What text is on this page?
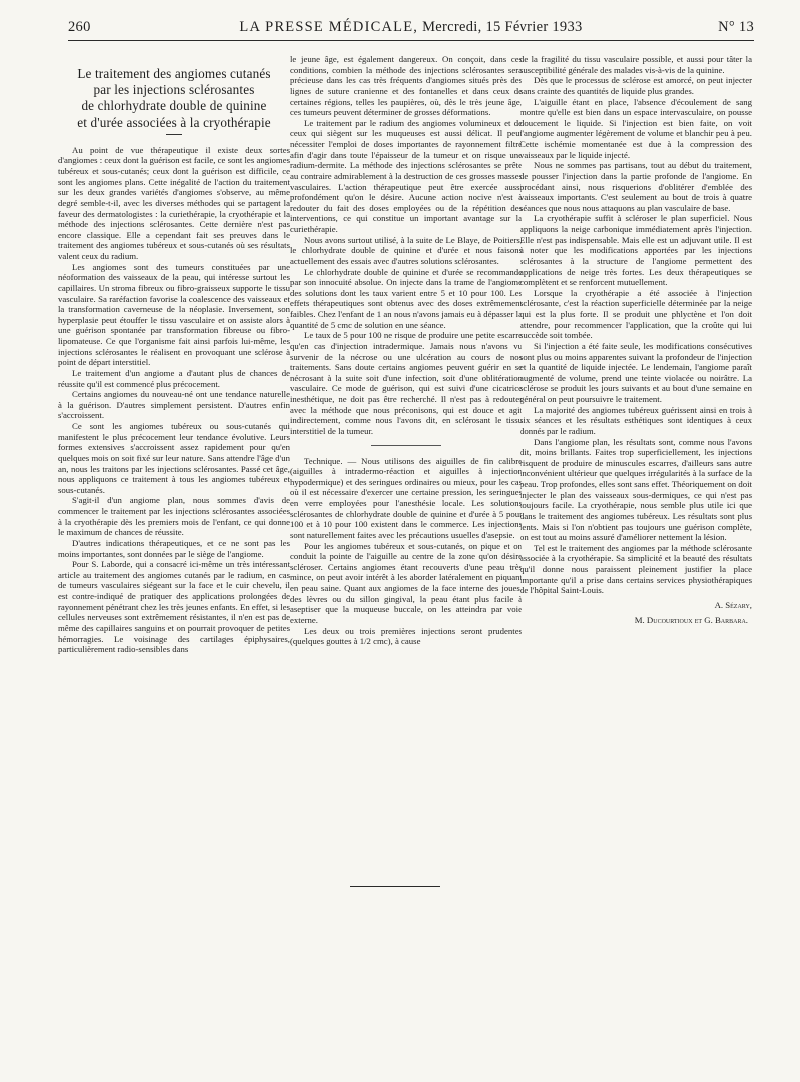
260	LA PRESSE MÉDICALE, Mercredi, 15 Février 1933	N° 13
Le traitement des angiomes cutanés
par les injections sclérosantes
de chlorhydrate double de quinine
et d'urée associées à la cryothérapie

Au point de vue thérapeutique il existe deux sortes d'angiomes : ceux dont la guérison est facile, ce sont les angiomes tubéreux et sous-cutanés; ceux dont la guérison est difficile, ce sont les angiomes plans. Cette inégalité de l'action du traitement sur les deux grandes variétés d'angiomes s'observe, au même degré semble-t-il, avec les diverses méthodes qui se partagent la faveur des dermatologistes : la curiethérapie, la cryothérapie et la méthode des injections sclérosantes. Cette dernière n'est pas encore classique. Elle a cependant fait ses preuves dans le traitement des angiomes tubéreux et sous-cutanés où ses résultats valent ceux du radium.

Les angiomes sont des tumeurs constituées par une néoformation des vaisseaux de la peau, qui intéresse surtout les capillaires. Un stroma fibreux ou fibro-graisseux supporte le tissu vasculaire. Sa raréfaction favorise la coalescence des vaisseaux et la transformation caverneuse de la néoplasie. Inversement, son hyperplasie peut étouffer le tissu vasculaire et on assiste alors à une guérison spontanée par transformation fibreuse ou fibro-lipomateuse. Ce que l'organisme fait ainsi parfois lui-même, les injections sclérosantes le réalisent en provoquant une sclérose à point de départ interstitiel.

Le traitement d'un angiome a d'autant plus de chances de réussite qu'il est commencé plus précocement.

Certains angiomes du nouveau-né ont une tendance naturelle à la guérison. D'autres simplement persistent. D'autres enfin s'accroissent.

Ce sont les angiomes tubéreux ou sous-cutanés qui manifestent le plus précocement leur tendance évolutive. Leurs formes extensives s'accroissent assez rapidement pour qu'en quelques mois on soit fixé sur leur nature. Sans attendre l'âge d'un an, nous les traitons par les injections sclérosantes. Passé cet âge, nous appliquons ce traitement à tous les angiomes tubéreux et sous-cutanés.

S'agit-il d'un angiome plan, nous sommes d'avis de commencer le traitement par les injections sclérosantes associées à la cryothérapie dès les premiers mois de l'enfant, ce qui donne le maximum de chances de réussite.

D'autres indications thérapeutiques, et ce ne sont pas les moins importantes, sont données par le siège de l'angiome.

Pour S. Laborde, qui a consacré ici-même un très intéressant article au traitement des angiomes cutanés par le radium, en cas de tumeurs vasculaires siégeant sur la face et le cuir chevelu, il est contre-indiqué de pratiquer des applications prolongées de rayonnement pénétrant chez les très jeunes enfants. En effet, si les cellules nerveuses sont extrêmement résistantes, il n'en est pas de même des capillaires sanguins et on pourrait provoquer de petites hémorragies. Le voisinage des cartilages épiphysaires, particulièrement radio-sensibles dans

le jeune âge, est également dangereux. On conçoit, dans ces conditions, combien la méthode des injections sclérosantes sera précieuse dans les cas très fréquents d'angiomes situés près des lignes de suture cranienne et des fontanelles et dans ceux de certaines régions, telles les paupières, où, dès le très jeune âge, ces tumeurs peuvent déterminer de grosses déformations.

Le traitement par le radium des angiomes volumineux et de ceux qui siègent sur les muqueuses est aussi délicat. Il peut nécessiter l'emploi de doses importantes de rayonnement filtré afin d'agir dans toute l'épaisseur de la tumeur et on risque une radium-dermite. La méthode des injections sclérosantes se prête au contraire admirablement à la destruction de ces grosses masses vasculaires. L'action thérapeutique peut être exercée aussi profondément qu'on le désire. Aucune action nocive n'est à redouter du fait des doses employées ou de la répétition des interventions, ce qui constitue un important avantage sur la curiethérapie.

Nous avons surtout utilisé, à la suite de Le Blaye, de Poitiers, le chlorhydrate double de quinine et d'urée et nous faisons actuellement des essais avec d'autres solutions sclérosantes.

Le chlorhydrate double de quinine et d'urée se recommande par son innocuité absolue. On injecte dans la trame de l'angiome des solutions dont les taux varient entre 5 et 10 pour 100. Les effets thérapeutiques sont obtenus avec des doses extrêmement faibles. Chez l'enfant de 1 an nous n'avons jamais eu à dépasser la quantité de 5 cmc de solution en une séance.

Le taux de 5 pour 100 ne risque de produire une petite escarre qu'en cas d'injection intradermique. Jamais nous n'avons vu survenir de la nécrose ou une ulcération au cours de nos traitements. Sans doute certains angiomes peuvent guérir en se nécrosant à la suite soit d'une infection, soit d'une oblitération vasculaire. Ce mode de guérison, qui est suivi d'une cicatrice inesthétique, ne doit pas être recherché. Il n'est pas à redouter avec la méthode que nous préconisons, qui est douce et agit indirectement, comme nous l'avons dit, en sclérosant le tissu interstitiel de la tumeur.

Technique. — Nous utilisons des aiguilles de fin calibre (aiguilles à intradermo-réaction et aiguilles à injection hypodermique) et des seringues ordinaires ou mieux, pour les cas où il est nécessaire d'exercer une certaine pression, les seringues en verre employées pour l'anesthésie locale. Les solutions sclérosantes de chlorhydrate double de quinine et d'urée à 5 pour 100 et à 10 pour 100 existent dans le commerce. Les injections sont naturellement faites avec les précautions usuelles d'asepsie.

Pour les angiomes tubéreux et sous-cutanés, on pique et on conduit la pointe de l'aiguille au centre de la zone qu'on désire scléroser. Certains angiomes étant recouverts d'une peau très mince, on peut avoir intérêt à les aborder latéralement en piquant en peau saine. Quant aux angiomes de la face interne des joues, des lèvres ou du sillon gingival, la peau étant plus facile à aseptiser que la muqueuse buccale, on les atteindra par voie externe.

Les deux ou trois premières injections seront prudentes (quelques gouttes à 1/2 cmc), à cause

de la fragilité du tissu vasculaire possible, et aussi pour tâter la susceptibilité générale des malades vis-à-vis de la quinine.

Dès que le processus de sclérose est amorcé, on peut injecter sans crainte des quantités de liquide plus grandes.

L'aiguille étant en place, l'absence d'écoulement de sang montre qu'elle est bien dans un espace intervasculaire, on pousse doucement le liquide. Si l'injection est bien faite, on voit l'angiome augmenter légèrement de volume et blanchir peu à peu. Cette ischémie momentanée est due à la compression des vaisseaux par le liquide injecté.

Nous ne sommes pas partisans, tout au début du traitement, de pousser l'injection dans la partie profonde de l'angiome. En procédant ainsi, nous risquerions d'oblitérer d'emblée des vaisseaux importants. C'est seulement au bout de trois à quatre séances que nous nous attaquons au plan vasculaire de base.

La cryothérapie suffit à scléroser le plan superficiel. Nous appliquons la neige carbonique immédiatement après l'injection. Elle n'est pas indispensable. Mais elle est un adjuvant utile. Il est à noter que les modifications apportées par les injections sclérosantes à la structure de l'angiome permettent des applications de neige très fortes. Les deux thérapeutiques se complètent et se renforcent mutuellement.

Lorsque la cryothérapie a été associée à l'injection sclérosante, c'est la réaction superficielle déterminée par la neige qui est la plus forte. Il se produit une phlyctène et l'on doit attendre, pour recommencer l'application, que la croûte qui lui succède soit tombée.

Si l'injection a été faite seule, les modifications consécutives sont plus ou moins apparentes suivant la profondeur de l'injection et la quantité de liquide injectée. Le lendemain, l'angiome paraît augmenté de volume, prend une teinte violacée ou noirâtre. La sclérose se produit les jours suivants et au bout d'une semaine en général on peut poursuivre le traitement.

La majorité des angiomes tubéreux guérissent ainsi en trois à six séances et les résultats esthétiques sont identiques à ceux donnés par le radium.

Dans l'angiome plan, les résultats sont, comme nous l'avons dit, moins brillants. Faites trop superficiellement, les injections risquent de produire de minuscules escarres, d'ailleurs sans autre inconvénient ultérieur que quelques irrégularités à la surface de la peau. Trop profondes, elles sont sans effet. Théoriquement on doit injecter le plan des vaisseaux sous-dermiques, ce qui n'est pas toujours facile. La cryothérapie, nous semble plus utile ici que dans le traitement des angiomes tubéreux. Les résultats sont plus lents. Mais si l'on n'obtient pas toujours une guérison complète, on est tout au moins assuré d'améliorer nettement la lésion.

Tel est le traitement des angiomes par la méthode sclérosante associée à la cryothérapie. Sa simplicité et la beauté des résultats qu'il donne nous paraissent pleinement justifier la place importante qu'il a prise dans certains services physiothérapiques de l'hôpital Saint-Louis.

A. Sézary,
M. Ducourtioux et G. Barbara.
